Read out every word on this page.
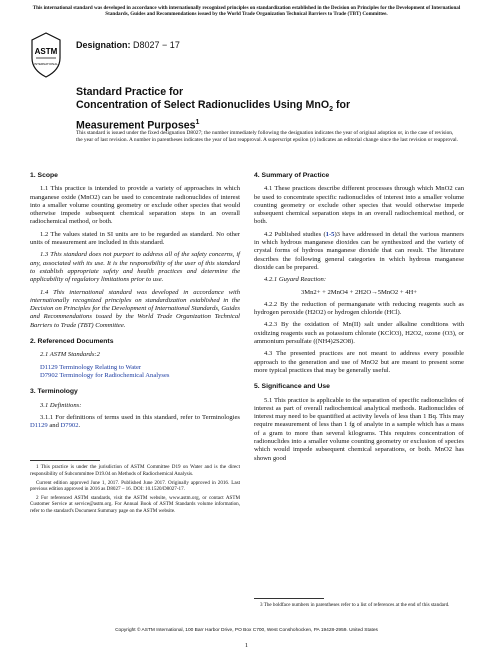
This international standard was developed in accordance with internationally recognized principles on standardization established in the Decision on Principles for the Development of International Standards, Guides and Recommendations issued by the World Trade Organization Technical Barriers to Trade (TBT) Committee.
ASTM
INTERNATIONAL
Designation: D8027 − 17
Standard Practice for
Concentration of Select Radionuclides Using MnO$_2$ for
Measurement Purposes$^1$
This standard is issued under the fixed designation D8027; the number immediately following the designation indicates the year of original adoption or, in the case of revision, the year of last revision. A number in parentheses indicates the year of last reapproval. A superscript epsilon (ε) indicates an editorial change since the last revision or reapproval.
1. Scope

1.1 This practice is intended to provide a variety of approaches in which manganese oxide (MnO2) can be used to concentrate radionuclides of interest into a smaller volume counting geometry or exclude other species that would otherwise impede subsequent chemical separation steps in an overall radiochemical method, or both.

1.2 The values stated in SI units are to be regarded as standard. No other units of measurement are included in this standard.

1.3 This standard does not purport to address all of the safety concerns, if any, associated with its use. It is the responsibility of the user of this standard to establish appropriate safety and health practices and determine the applicability of regulatory limitations prior to use.

1.4 This international standard was developed in accordance with internationally recognized principles on standardization established in the Decision on Principles for the Development of International Standards, Guides and Recommendations issued by the World Trade Organization Technical Barriers to Trade (TBT) Committee.

2. Referenced Documents

2.1 ASTM Standards:2

D1129 Terminology Relating to Water
D7902 Terminology for Radiochemical Analyses
3. Terminology

3.1 Definitions:

3.1.1 For definitions of terms used in this standard, refer to Terminologies D1129 and D7902.

1 This practice is under the jurisdiction of ASTM Committee D19 on Water and is the direct responsibility of Subcommittee D19.04 on Methods of Radiochemical Analysis.

Current edition approved June 1, 2017. Published June 2017. Originally approved in 2016. Last previous edition approved in 2016 as D8027 – 16. DOI: 10.1520/D8027-17.

2 For referenced ASTM standards, visit the ASTM website, www.astm.org, or contact ASTM Customer Service at service@astm.org. For Annual Book of ASTM Standards volume information, refer to the standard's Document Summary page on the ASTM website.

4. Summary of Practice

4.1 These practices describe different processes through which MnO2 can be used to concentrate specific radionuclides of interest into a smaller volume counting geometry or exclude other species that would otherwise impede subsequent chemical separation steps in an overall radiochemical method, or both.

4.2 Published studies (1-5)3 have addressed in detail the various manners in which hydrous manganese dioxides can be synthesized and the variety of crystal forms of hydrous manganese dioxide that can result. The literature describes the following general categories in which hydrous manganese dioxide can be prepared.

4.2.1 Guyard Reaction:

3Mn2+ + 2MnO4 + 2H2O→5MnO2 + 4H+

4.2.2 By the reduction of permanganate with reducing reagents such as hydrogen peroxide (H2O2) or hydrogen chloride (HCl).

4.2.3 By the oxidation of Mn(II) salt under alkaline conditions with oxidizing reagents such as potassium chlorate (KClO3), H2O2, ozone (O3), or ammonium persulfate ((NH4)2S2O8).

4.3 The presented practices are not meant to address every possible approach to the generation and use of MnO2 but are meant to present some more typical practices that may be generally useful.

5. Significance and Use

5.1 This practice is applicable to the separation of specific radionuclides of interest as part of overall radiochemical analytical methods. Radionuclides of interest may need to be quantified at activity levels of less than 1 Bq. This may require measurement of less than 1 fg of analyte in a sample which has a mass of a gram to more than several kilograms. This requires concentration of radionuclides into a smaller volume counting geometry or exclusion of species which would impede subsequent chemical separations, or both. MnO2 has shown good

3 The boldface numbers in parentheses refer to a list of references at the end of this standard.

Copyright © ASTM International, 100 Barr Harbor Drive, PO Box C700, West Conshohocken, PA 19428-2959. United States
1
